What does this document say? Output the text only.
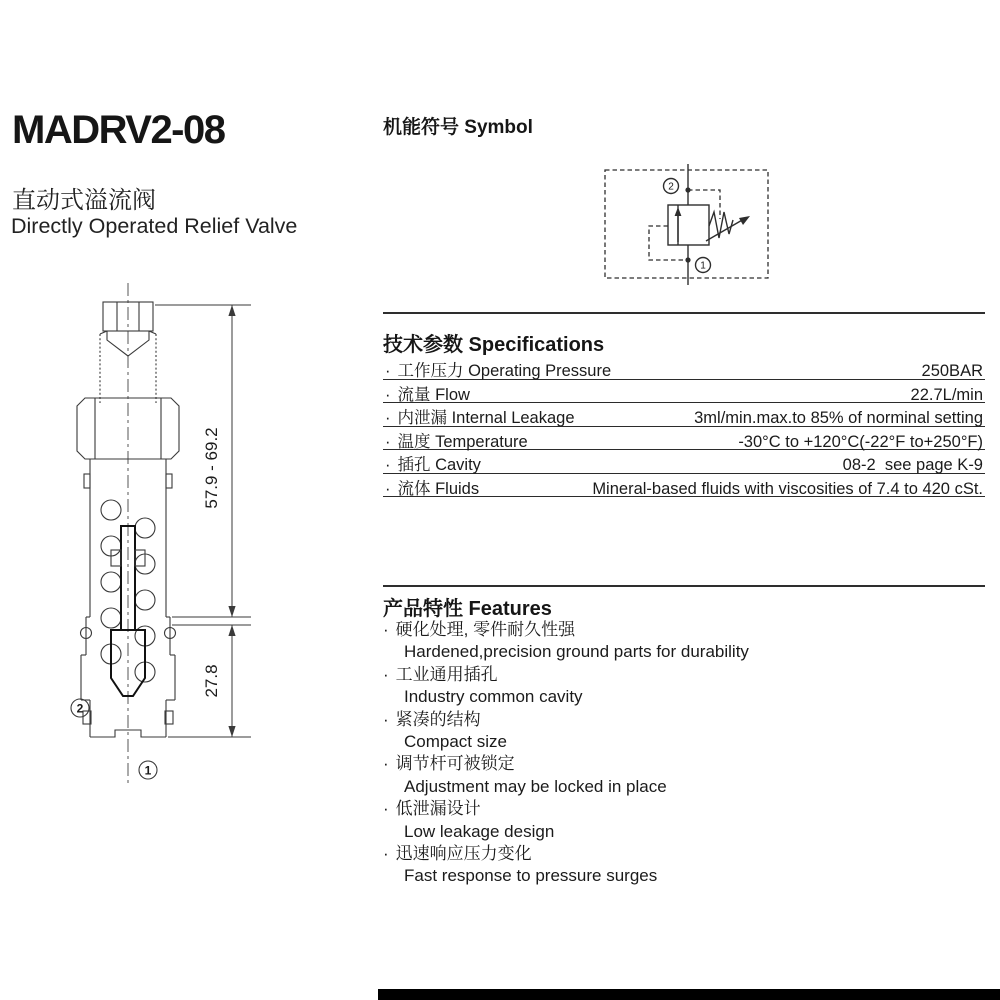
MADRV2-08
直动式溢流阀
Directly Operated Relief Valve
机能符号 Symbol
2
1
技术参数 Specifications
· 工作压力 Operating Pressure	250BAR
· 流量 Flow	22.7L/min
· 内泄漏 Internal Leakage	3ml/min.max.to 85% of norminal setting
· 温度 Temperature	-30°C to +120°C(-22°F to+250°F)
· 插孔 Cavity	08-2  see page K-9
· 流体 Fluids	Mineral-based fluids with viscosities of 7.4 to 420 cSt.
产品特性 Features
· 硬化处理, 零件耐久性强
Hardened,precision ground parts for durability
· 工业通用插孔
Industry common cavity
· 紧凑的结构
Compact size
· 调节杆可被锁定
Adjustment may be locked in place
· 低泄漏设计
Low leakage design
· 迅速响应压力变化
Fast response to pressure surges
2
1
57.9 - 69.2
27.8
